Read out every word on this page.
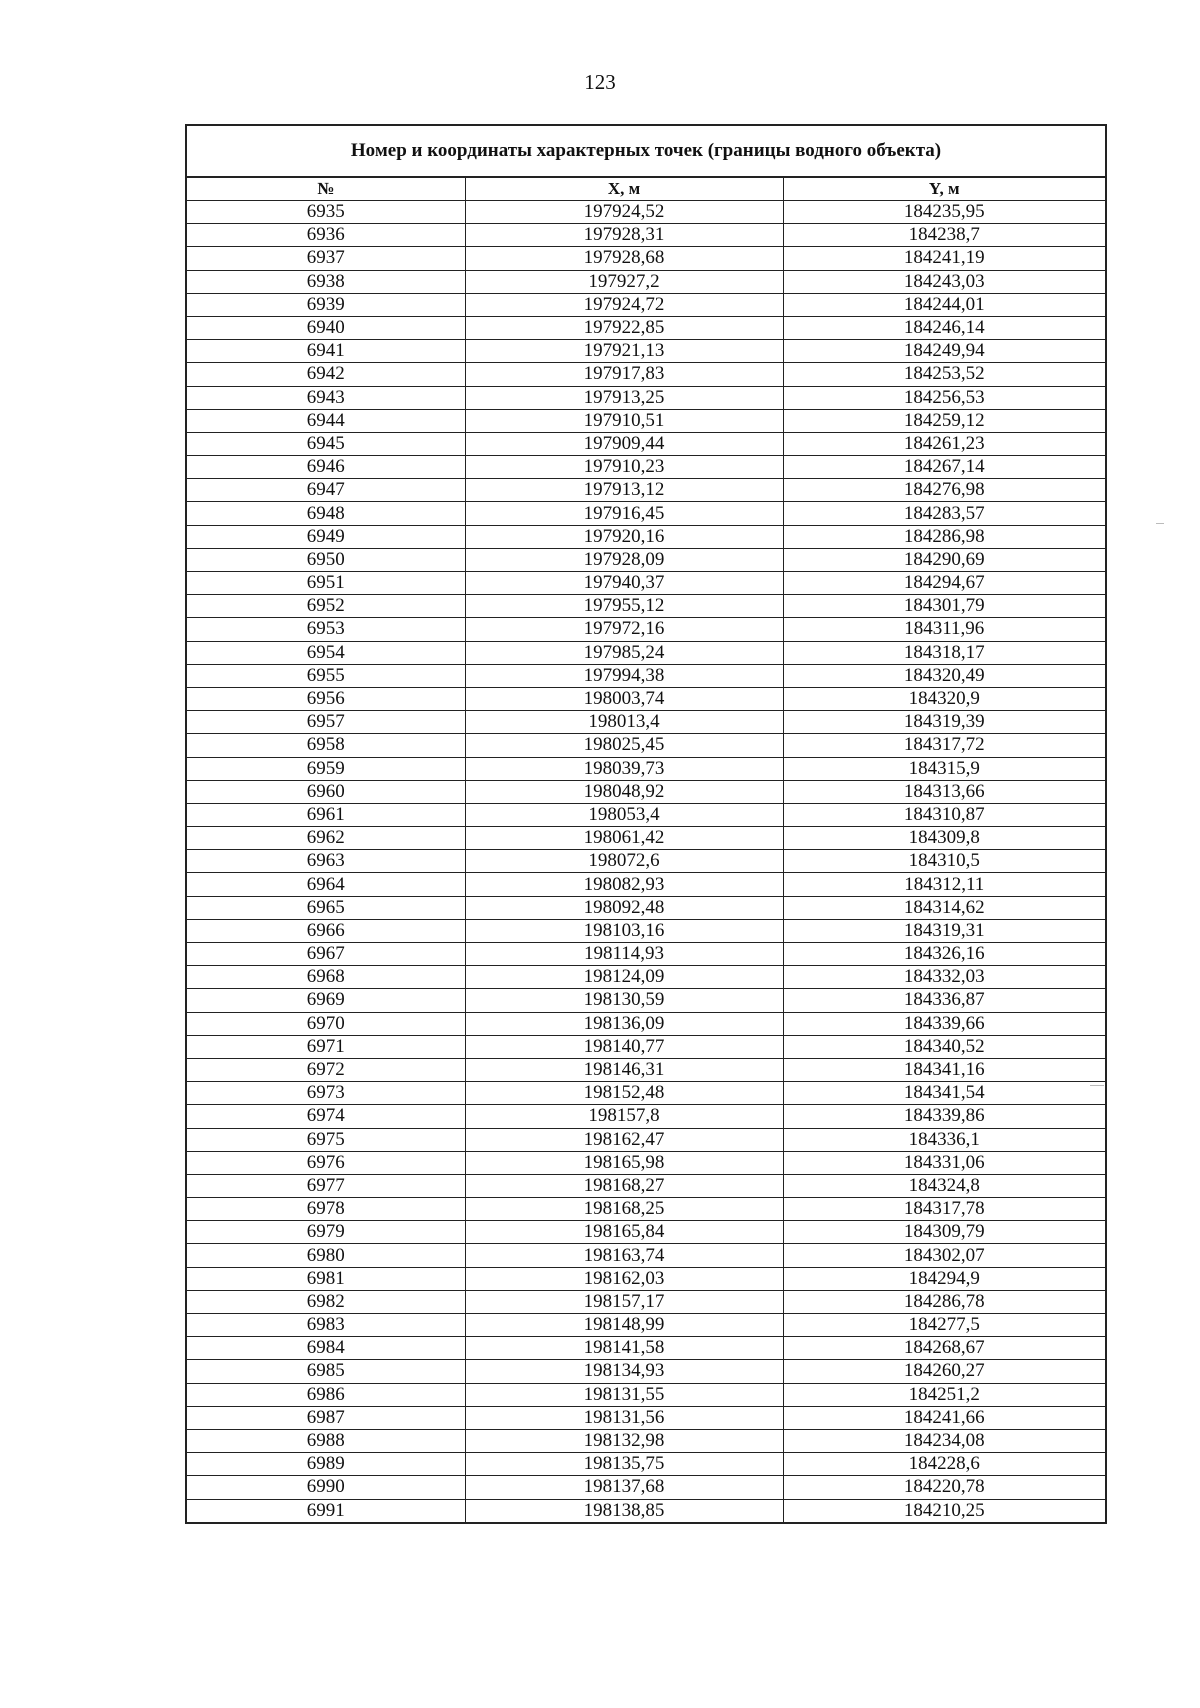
123
Номер и координаты характерных точек (границы водного объекта)
№	X, м	Y, м
6935	197924,52	184235,95
6936	197928,31	184238,7
6937	197928,68	184241,19
6938	197927,2	184243,03
6939	197924,72	184244,01
6940	197922,85	184246,14
6941	197921,13	184249,94
6942	197917,83	184253,52
6943	197913,25	184256,53
6944	197910,51	184259,12
6945	197909,44	184261,23
6946	197910,23	184267,14
6947	197913,12	184276,98
6948	197916,45	184283,57
6949	197920,16	184286,98
6950	197928,09	184290,69
6951	197940,37	184294,67
6952	197955,12	184301,79
6953	197972,16	184311,96
6954	197985,24	184318,17
6955	197994,38	184320,49
6956	198003,74	184320,9
6957	198013,4	184319,39
6958	198025,45	184317,72
6959	198039,73	184315,9
6960	198048,92	184313,66
6961	198053,4	184310,87
6962	198061,42	184309,8
6963	198072,6	184310,5
6964	198082,93	184312,11
6965	198092,48	184314,62
6966	198103,16	184319,31
6967	198114,93	184326,16
6968	198124,09	184332,03
6969	198130,59	184336,87
6970	198136,09	184339,66
6971	198140,77	184340,52
6972	198146,31	184341,16
6973	198152,48	184341,54
6974	198157,8	184339,86
6975	198162,47	184336,1
6976	198165,98	184331,06
6977	198168,27	184324,8
6978	198168,25	184317,78
6979	198165,84	184309,79
6980	198163,74	184302,07
6981	198162,03	184294,9
6982	198157,17	184286,78
6983	198148,99	184277,5
6984	198141,58	184268,67
6985	198134,93	184260,27
6986	198131,55	184251,2
6987	198131,56	184241,66
6988	198132,98	184234,08
6989	198135,75	184228,6
6990	198137,68	184220,78
6991	198138,85	184210,25
